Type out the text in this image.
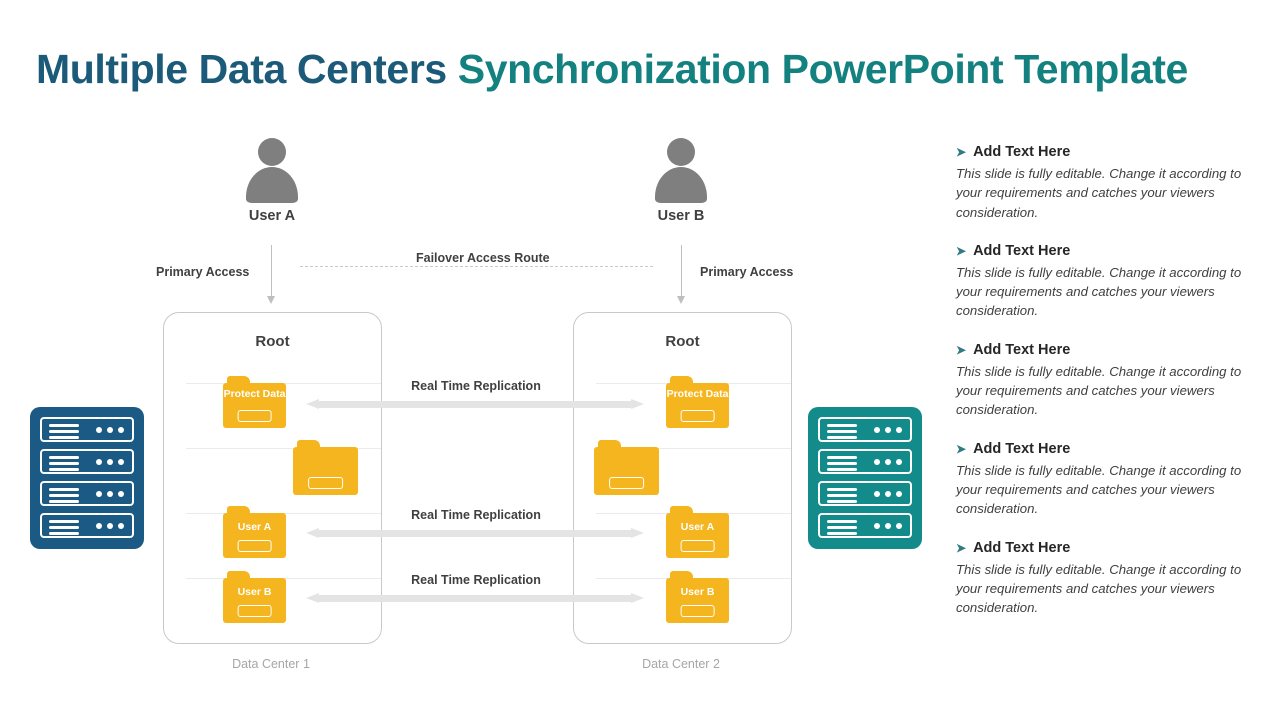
Multiple Data Centers Synchronization PowerPoint Template
User A	User B
Primary Access	Primary Access
Failover Access Route
Root
Data Center 1
Root
Data Center 2
Protect Data
User A
User B
Protect Data
User A
User B
Real Time Replication
Real Time Replication
Real Time Replication
➤ Add Text Here
This slide is fully editable. Change it according to your requirements and catches your viewers consideration.
➤ Add Text Here
This slide is fully editable. Change it according to your requirements and catches your viewers consideration.
➤ Add Text Here
This slide is fully editable. Change it according to your requirements and catches your viewers consideration.
➤ Add Text Here
This slide is fully editable. Change it according to your requirements and catches your viewers consideration.
➤ Add Text Here
This slide is fully editable. Change it according to your requirements and catches your viewers consideration.
